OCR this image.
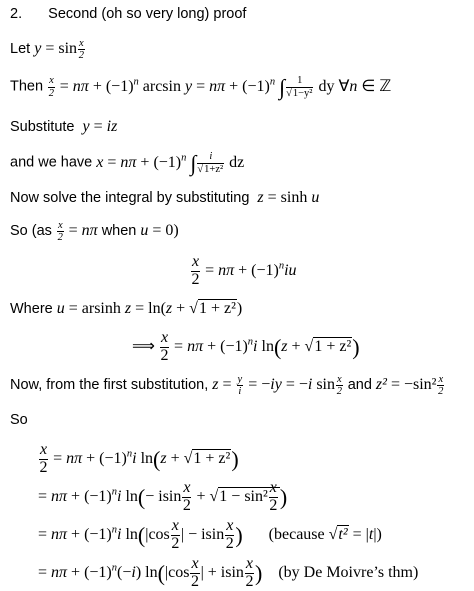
2. Second (oh so very long) proof
Let $y = \sin \frac{x}{2}$
Then $\frac{x}{2} = n\pi + (-1)^n$ $\arcsin y = n\pi + (-1)^n$ ∫ $\frac{1}{\text{√1−y²}}$ dy ∀n ∈ ℤ
Substitute  y = iz
and we have $x = n\pi + (-1)^n$ ∫ $\frac{i}{\text{√1+z²}}$ dz
Now solve the integral by substituting  z = sinh u
So ($as \frac{x}{2} = n\pi$ when u = 0)
$\frac{x}{2} = n\pi + (-1)^niu$
Where u = arsinh z = ln(z + √1 + z²)
⟹ $\frac{x}{2} = n\pi + (-1)^ni$ ln(z + √1 + z²)
Now, from the first substitution, $z = \frac{y}{i} = -iy = -i$ $\sin \frac{x}{2}$ and $z^2 = -\sin^2 \frac{x}{2}$
So
$\frac{x}{2} = n\pi + (-1)^ni$ ln(z + √1 + z²)
= $n\pi + (-1)^ni$ ln(− isin $\frac{x}{2} + √1 - \sin^2 \frac{x}{2}$ )
= $n\pi + (-1)^ni$ $\ln(|\cos \frac{x}{2}$ | − isin $\frac{x}{2}$ ) (because √t² = |t|)
= $n\pi + (-1)^n(-i)$ $\ln(|\cos \frac{x}{2}$ | + isin $\frac{x}{2}$ ) (by De Moivre’s thm)
